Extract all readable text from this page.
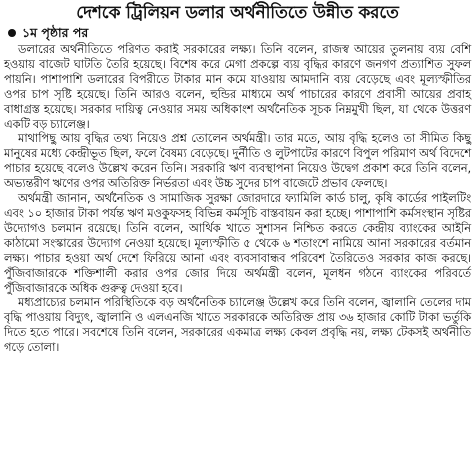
দেশকে ট্রিলিয়ন ডলার অর্থনীতিতে উন্নীত করতে
১ম পৃষ্ঠার পর

ডলারের অর্থনীতিতে পরিণত করাই সরকারের লক্ষ্য। তিনি বলেন, রাজস্ব আয়ের তুলনায় ব্যয় বেশি হওয়ায় বাজেট ঘাটতি তৈরি হয়েছে। বিশেষ করে মেগা প্রকল্পে ব্যয় বৃদ্ধির কারণে জনগণ প্রত্যাশিত সুফল পায়নি। পাশাপাশি ডলারের বিপরীতে টাকার মান কমে যাওয়ায় আমদানি ব্যয় বেড়েছে এবং মূল্যস্ফীতির ওপর চাপ সৃষ্টি হয়েছে। তিনি আরও বলেন, হুন্ডির মাধ্যমে অর্থ পাচারের কারণে প্রবাসী আয়ের প্রবাহ বাধাগ্রস্ত হয়েছে। সরকার দায়িত্ব নেওয়ার সময় অধিকাংশ অর্থনৈতিক সূচক নিম্নমুখী ছিল, যা থেকে উত্তরণ একটি বড় চ্যালেঞ্জ।

মাথাপিছু আয় বৃদ্ধির তথ্য নিয়েও প্রশ্ন তোলেন অর্থমন্ত্রী। তার মতে, আয় বৃদ্ধি হলেও তা সীমিত কিছু মানুষের মধ্যে কেন্দ্রীভূত ছিল, ফলে বৈষম্য বেড়েছে। দুর্নীতি ও লুটপাটের কারণে বিপুল পরিমাণ অর্থ বিদেশে পাচার হয়েছে বলেও উল্লেখ করেন তিনি। সরকারি ঋণ ব্যবস্থাপনা নিয়েও উদ্বেগ প্রকাশ করে তিনি বলেন, অভ্যন্তরীণ ঋণের ওপর অতিরিক্ত নির্ভরতা এবং উচ্চ সুদের চাপ বাজেটে প্রভাব ফেলছে।

অর্থমন্ত্রী জানান, অর্থনৈতিক ও সামাজিক সুরক্ষা জোরদারে ফ্যামিলি কার্ড চালু, কৃষি কার্ডের পাইলটিং এবং ১০ হাজার টাকা পর্যন্ত ঋণ মওকুফসহ বিভিন্ন কর্মসূচি বাস্তবায়ন করা হচ্ছে। পাশাপাশি কর্মসংস্থান সৃষ্টির উদ্যোগও চলমান রয়েছে। তিনি বলেন, আর্থিক খাতে সুশাসন নিশ্চিত করতে কেন্দ্রীয় ব্যাংকের আইনি কাঠামো সংস্কারের উদ্যোগ নেওয়া হয়েছে। মূল্যস্ফীতি ৫ থেকে ৬ শতাংশে নামিয়ে আনা সরকারের বর্তমান লক্ষ্য। পাচার হওয়া অর্থ দেশে ফিরিয়ে আনা এবং ব্যবসাবান্ধব পরিবেশ তৈরিতেও সরকার কাজ করছে। পুঁজিবাজারকে শক্তিশালী করার ওপর জোর দিয়ে অর্থমন্ত্রী বলেন, মূলধন গঠনে ব্যাংকের পরিবর্তে পুঁজিবাজারকে অধিক গুরুত্ব দেওয়া হবে।

মধ্যপ্রাচ্যের চলমান পরিস্থিতিকে বড় অর্থনৈতিক চ্যালেঞ্জ উল্লেখ করে তিনি বলেন, জ্বালানি তেলের দাম বৃদ্ধি পাওয়ায় বিদ্যুৎ, জ্বালানি ও এলএনজি খাতে সরকারকে অতিরিক্ত প্রায় ৩৬ হাজার কোটি টাকা ভর্তুকি দিতে হতে পারে। সবশেষে তিনি বলেন, সরকারের একমাত্র লক্ষ্য কেবল প্রবৃদ্ধি নয়, লক্ষ্য টেকসই অর্থনীতি গড়ে তোলা।
